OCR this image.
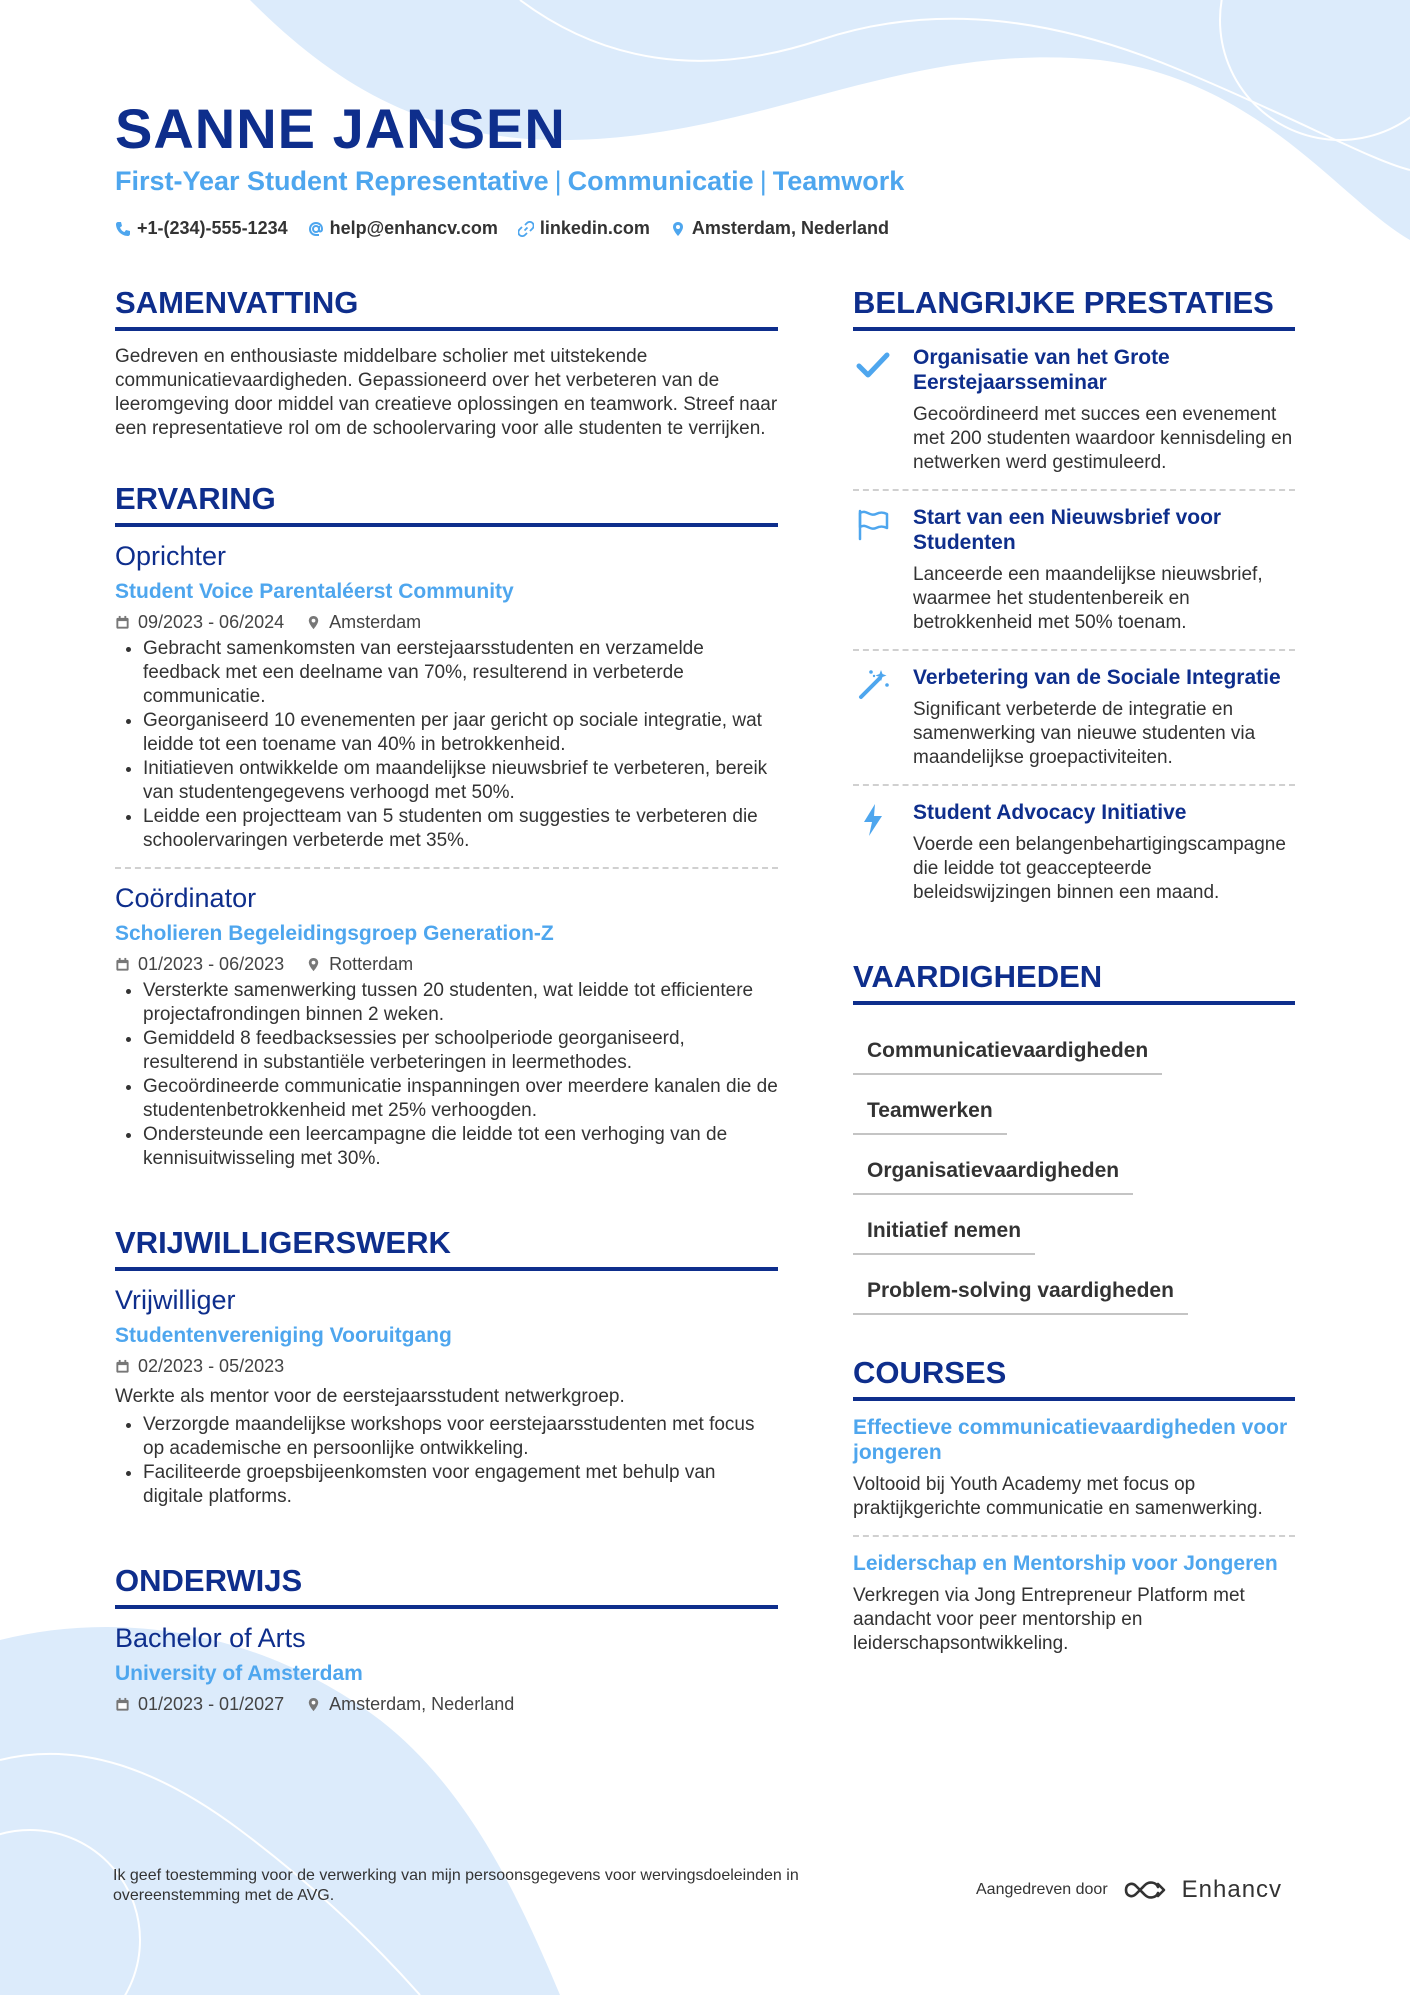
SANNE JANSEN

First-Year Student Representative | Communicatie | Teamwork

+1-(234)-555-1234 help@enhancv.com linkedin.com Amsterdam, Nederland
SAMENVATTING

Gedreven en enthousiaste middelbare scholier met uitstekende communicatievaardigheden. Gepassioneerd over het verbeteren van de leeromgeving door middel van creatieve oplossingen en teamwork. Streef naar een representatieve rol om de schoolervaring voor alle studenten te verrijken.

ERVARING

Oprichter

Student Voice Parentaléerst Community

09/2023 - 06/2024	Amsterdam
• Gebracht samenkomsten van eerstejaarsstudenten en verzamelde feedback met een deelname van 70%, resulterend in verbeterde communicatie.
• Georganiseerd 10 evenementen per jaar gericht op sociale integratie, wat leidde tot een toename van 40% in betrokkenheid.
• Initiatieven ontwikkelde om maandelijkse nieuwsbrief te verbeteren, bereik van studentengegevens verhoogd met 50%.
• Leidde een projectteam van 5 studenten om suggesties te verbeteren die schoolervaringen verbeterde met 35%.

Coördinator

Scholieren Begeleidingsgroep Generation-Z

01/2023 - 06/2023	Rotterdam
• Versterkte samenwerking tussen 20 studenten, wat leidde tot efficientere projectafrondingen binnen 2 weken.
• Gemiddeld 8 feedbacksessies per schoolperiode georganiseerd, resulterend in substantiële verbeteringen in leermethodes.
• Gecoördineerde communicatie inspanningen over meerdere kanalen die de studentenbetrokkenheid met 25% verhoogden.
• Ondersteunde een leercampagne die leidde tot een verhoging van de kennisuitwisseling met 30%.
VRIJWILLIGERSWERK

Vrijwilliger

Studentenvereniging Vooruitgang

02/2023 - 05/2023

Werkte als mentor voor de eerstejaarsstudent netwerkgroep.

• Verzorgde maandelijkse workshops voor eerstejaarsstudenten met focus op academische en persoonlijke ontwikkeling.
• Faciliteerde groepsbijeenkomsten voor engagement met behulp van digitale platforms.
ONDERWIJS

Bachelor of Arts

University of Amsterdam

01/2023 - 01/2027	Amsterdam, Nederland
BELANGRIJKE PRESTATIES

Organisatie van het Grote Eerstejaarsseminar

Gecoördineerd met succes een evenement met 200 studenten waardoor kennisdeling en netwerken werd gestimuleerd.

Start van een Nieuwsbrief voor Studenten

Lanceerde een maandelijkse nieuwsbrief, waarmee het studentenbereik en betrokkenheid met 50% toenam.

Verbetering van de Sociale Integratie

Significant verbeterde de integratie en samenwerking van nieuwe studenten via maandelijkse groepactiviteiten.

Student Advocacy Initiative

Voerde een belangenbehartigingscampagne die leidde tot geaccepteerde beleidswijzingen binnen een maand.

VAARDIGHEDEN
Communicatievaardigheden
Teamwerken
Organisatievaardigheden
Initiatief nemen
Problem-solving vaardigheden
COURSES

Effectieve communicatievaardigheden voor jongeren

Voltooid bij Youth Academy met focus op praktijkgerichte communicatie en samenwerking.

Leiderschap en Mentorship voor Jongeren

Verkregen via Jong Entrepreneur Platform met aandacht voor peer mentorship en leiderschapsontwikkeling.

Ik geef toestemming voor de verwerking van mijn persoonsgegevens voor wervingsdoeleinden in overeenstemming met de AVG.	Aangedreven door	Enhancv
